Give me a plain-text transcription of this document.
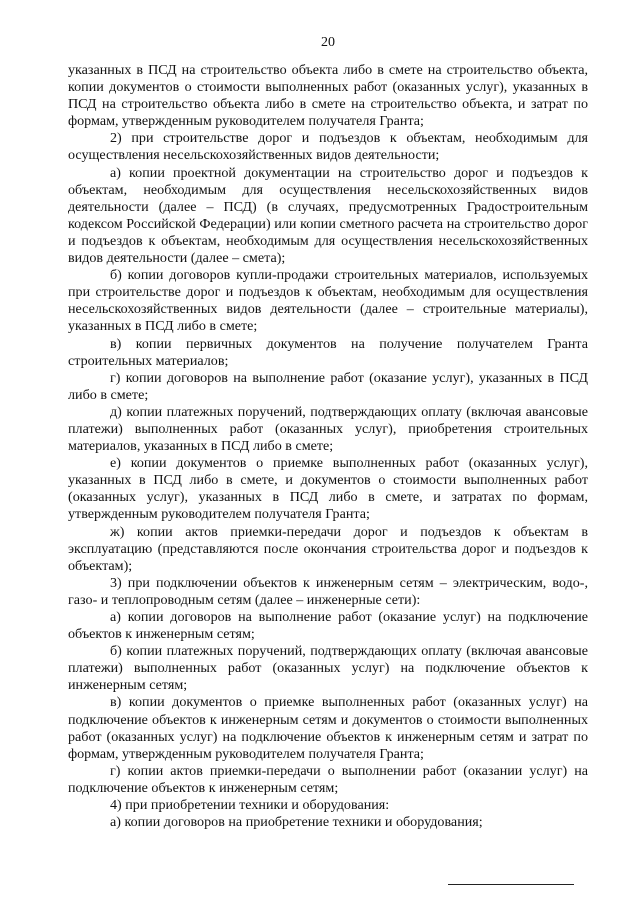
20

указанных в ПСД на строительство объекта либо в смете на строительство объекта, копии документов о стоимости выполненных работ (оказанных услуг), указанных в ПСД на строительство объекта либо в смете на строительство объекта, и затрат по формам, утвержденным руководителем получателя Гранта;

2) при строительстве дорог и подъездов к объектам, необходимым для осуществления несельскохозяйственных видов деятельности;

а) копии проектной документации на строительство дорог и подъездов к объектам, необходимым для осуществления несельскохозяйственных видов деятельности (далее – ПСД) (в случаях, предусмотренных Градостроительным кодексом Российской Федерации) или копии сметного расчета на строительство дорог и подъездов к объектам, необходимым для осуществления несельскохозяйственных видов деятельности (далее – смета);

б) копии договоров купли-продажи строительных материалов, используемых при строительстве дорог и подъездов к объектам, необходимым для осуществления несельскохозяйственных видов деятельности (далее – строительные материалы), указанных в ПСД либо в смете;

в) копии первичных документов на получение получателем Гранта строительных материалов;

г) копии договоров на выполнение работ (оказание услуг), указанных в ПСД либо в смете;

д) копии платежных поручений, подтверждающих оплату (включая авансовые платежи) выполненных работ (оказанных услуг), приобретения строительных материалов, указанных в ПСД либо в смете;

е) копии документов о приемке выполненных работ (оказанных услуг), указанных в ПСД либо в смете, и документов о стоимости выполненных работ (оказанных услуг), указанных в ПСД либо в смете, и затратах по формам, утвержденным руководителем получателя Гранта;

ж) копии актов приемки-передачи дорог и подъездов к объектам в эксплуатацию (представляются после окончания строительства дорог и подъездов к объектам);

3) при подключении объектов к инженерным сетям – электрическим, водо-, газо- и теплопроводным сетям (далее – инженерные сети):

а) копии договоров на выполнение работ (оказание услуг) на подключение объектов к инженерным сетям;

б) копии платежных поручений, подтверждающих оплату (включая авансовые платежи) выполненных работ (оказанных услуг) на подключение объектов к инженерным сетям;

в) копии документов о приемке выполненных работ (оказанных услуг) на подключение объектов к инженерным сетям и документов о стоимости выполненных работ (оказанных услуг) на подключение объектов к инженерным сетям и затрат по формам, утвержденным руководителем получателя Гранта;

г) копии актов приемки-передачи о выполнении работ (оказании услуг) на подключение объектов к инженерным сетям;

4) при приобретении техники и оборудования:

а) копии договоров на приобретение техники и оборудования;
